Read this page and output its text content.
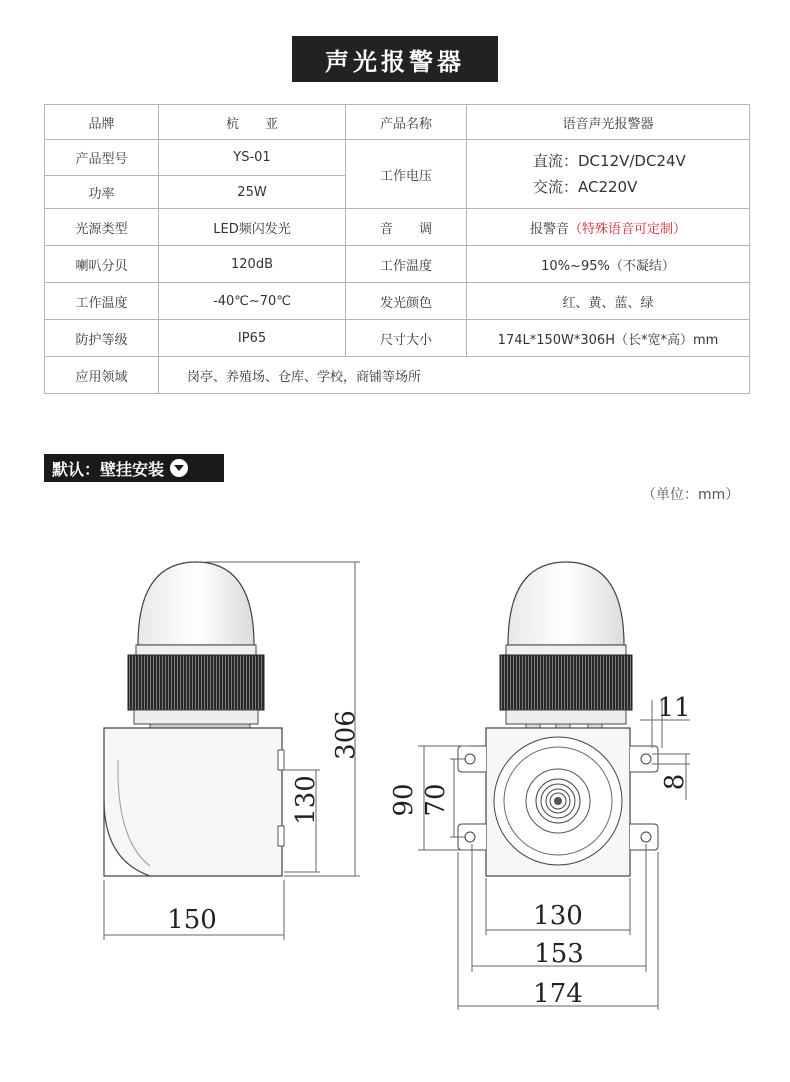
声光报警器
品牌	杭　　亚	产品名称	语音声光报警器
产品型号	YS-01	工作电压	直流：DC12V/DC24V
交流：AC220V

功率	25W		
光源类型	LED频闪发光	音　　调	报警音（特殊语音可定制）
喇叭分贝	120dB	工作温度	10%~95%（不凝结）
工作温度	-40℃~70℃	发光颜色	红、黄、蓝、绿
防护等级	IP65	尺寸大小	174L*150W*306H（长*宽*高）mm
应用领域	岗亭、养殖场、仓库、学校，商铺等场所		
默认：壁挂安装
（单位：mm）
306
130
150
11
8
90 70
130
153
174
